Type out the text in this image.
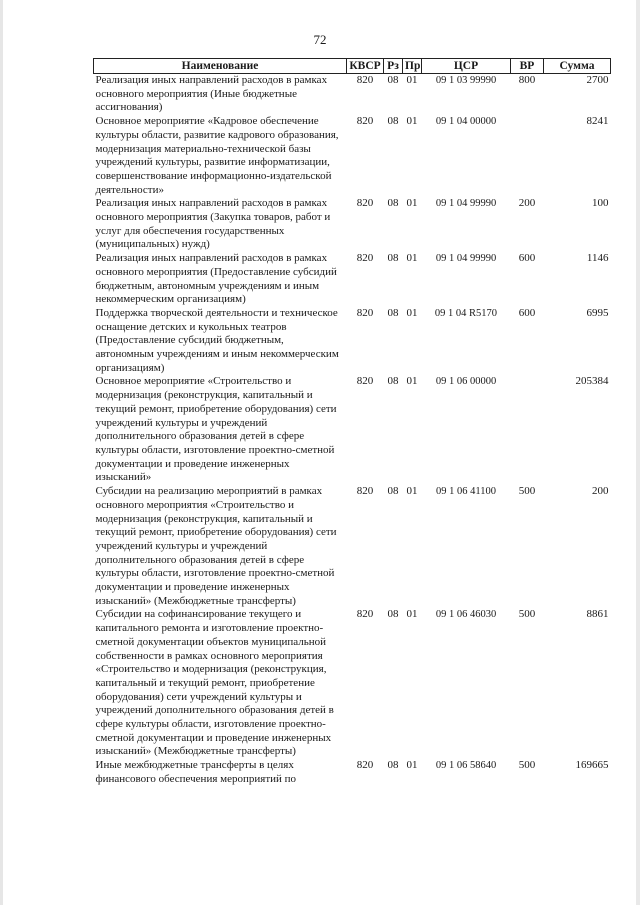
72
Наименование	КВСР	Рз	Пр	ЦСР	ВР	Сумма
Реализация иных направлений расходов в рамках основного мероприятия (Иные бюджетные ассигнования)	820	08	01	09 1 03 99990	800	2700
Основное мероприятие «Кадровое обеспечение культуры области, развитие кадрового образования, модернизация материально-технической базы учреждений культуры, развитие информатизации, совершенствование информационно-издательской деятельности»	820	08	01	09 1 04 00000		8241
Реализация иных направлений расходов в рамках основного мероприятия (Закупка товаров, работ и услуг для обеспечения государственных (муниципальных) нужд)	820	08	01	09 1 04 99990	200	100
Реализация иных направлений расходов в рамках основного мероприятия (Предоставление субсидий бюджетным, автономным учреждениям и иным некоммерческим организациям)	820	08	01	09 1 04 99990	600	1146
Поддержка творческой деятельности и техническое оснащение детских и кукольных театров (Предоставление субсидий бюджетным, автономным учреждениям и иным некоммерческим организациям)	820	08	01	09 1 04 R5170	600	6995
Основное мероприятие «Строительство и модернизация (реконструкция, капитальный и текущий ремонт, приобретение оборудования) сети учреждений культуры и учреждений дополнительного образования детей в сфере культуры области, изготовление проектно-сметной документации и проведение инженерных изысканий»	820	08	01	09 1 06 00000		205384
Субсидии на реализацию мероприятий в рамках основного мероприятия «Строительство и модернизация (реконструкция, капитальный и текущий ремонт, приобретение оборудования) сети учреждений культуры и учреждений дополнительного образования детей в сфере культуры области, изготовление проектно-сметной документации и проведение инженерных изысканий» (Межбюджетные трансферты)	820	08	01	09 1 06 41100	500	200
Субсидии на софинансирование текущего и капитального ремонта и изготовление проектно-сметной документации объектов муниципальной собственности в рамках основного мероприятия «Строительство и модернизация (реконструкция, капитальный и текущий ремонт, приобретение оборудования) сети учреждений культуры и учреждений дополнительного образования детей в сфере культуры области, изготовление проектно-сметной документации и проведение инженерных изысканий» (Межбюджетные трансферты)	820	08	01	09 1 06 46030	500	8861
Иные межбюджетные трансферты в целях финансового обеспечения мероприятий по	820	08	01	09 1 06 58640	500	169665
